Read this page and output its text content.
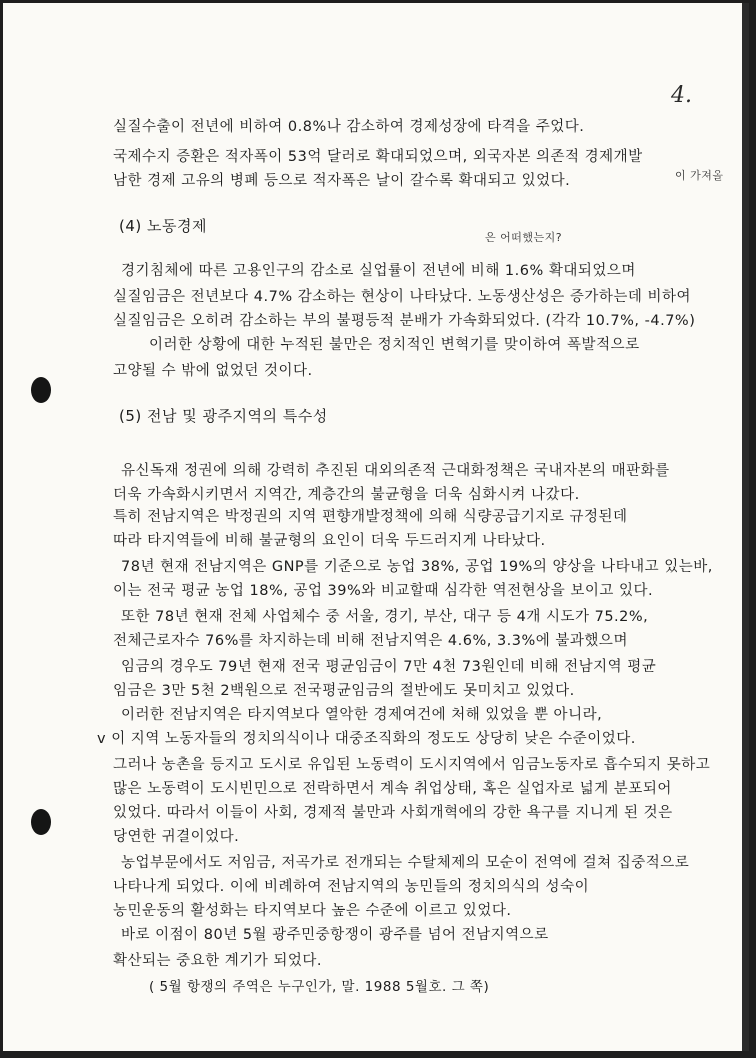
4.
실질수출이 전년에 비하여 0.8%나 감소하여 경제성장에 타격을 주었다.
국제수지 증환은 적자폭이 53억 달러로 확대되었으며, 외국자본 의존적 경제개발
이 가져올
남한 경제 고유의 병폐 등으로 적자폭은 날이 갈수록 확대되고 있었다.
(4) 노동경제
은 어떠했는지?
경기침체에 따른 고용인구의 감소로 실업률이 전년에 비해 1.6% 확대되었으며
실질임금은 전년보다 4.7% 감소하는 현상이 나타났다. 노동생산성은 증가하는데 비하여
실질임금은 오히려 감소하는 부의 불평등적 분배가 가속화되었다. (각각 10.7%, -4.7%)
이러한 상황에 대한 누적된 불만은 정치적인 변혁기를 맞이하여 폭발적으로
고양될 수 밖에 없었던 것이다.
(5) 전남 및 광주지역의 특수성
유신독재 정권에 의해 강력히 추진된 대외의존적 근대화정책은 국내자본의 매판화를
더욱 가속화시키면서 지역간, 계층간의 불균형을 더욱 심화시켜 나갔다.
특히 전남지역은 박정권의 지역 편향개발정책에 의해 식량공급기지로 규정된데
따라 타지역들에 비해 불균형의 요인이 더욱 두드러지게 나타났다.
78년 현재 전남지역은 GNP를 기준으로 농업 38%, 공업 19%의 양상을 나타내고 있는바,
이는 전국 평균 농업 18%, 공업 39%와 비교할때 심각한 역전현상을 보이고 있다.
또한 78년 현재 전체 사업체수 중 서울, 경기, 부산, 대구 등 4개 시도가 75.2%,
전체근로자수 76%를 차지하는데 비해 전남지역은 4.6%, 3.3%에 불과했으며
임금의 경우도 79년 현재 전국 평균임금이 7만 4천 73원인데 비해 전남지역 평균
임금은 3만 5천 2백원으로 전국평균임금의 절반에도 못미치고 있었다.
이러한 전남지역은 타지역보다 열악한 경제여건에 처해 있었을 뿐 아니라,
v 이 지역 노동자들의 정치의식이나 대중조직화의 정도도 상당히 낮은 수준이었다.
그러나 농촌을 등지고 도시로 유입된 노동력이 도시지역에서 임금노동자로 흡수되지 못하고
많은 노동력이 도시빈민으로 전락하면서 계속 취업상태, 혹은 실업자로 넓게 분포되어
있었다. 따라서 이들이 사회, 경제적 불만과 사회개혁에의 강한 욕구를 지니게 된 것은
당연한 귀결이었다.
농업부문에서도 저임금, 저곡가로 전개되는 수탈체제의 모순이 전역에 걸쳐 집중적으로
나타나게 되었다. 이에 비례하여 전남지역의 농민들의 정치의식의 성숙이
농민운동의 활성화는 타지역보다 높은 수준에 이르고 있었다.
바로 이점이 80년 5월 광주민중항쟁이 광주를 넘어 전남지역으로
확산되는 중요한 계기가 되었다.
( 5월 항쟁의 주역은 누구인가, 말. 1988 5월호. 그 쪽)
